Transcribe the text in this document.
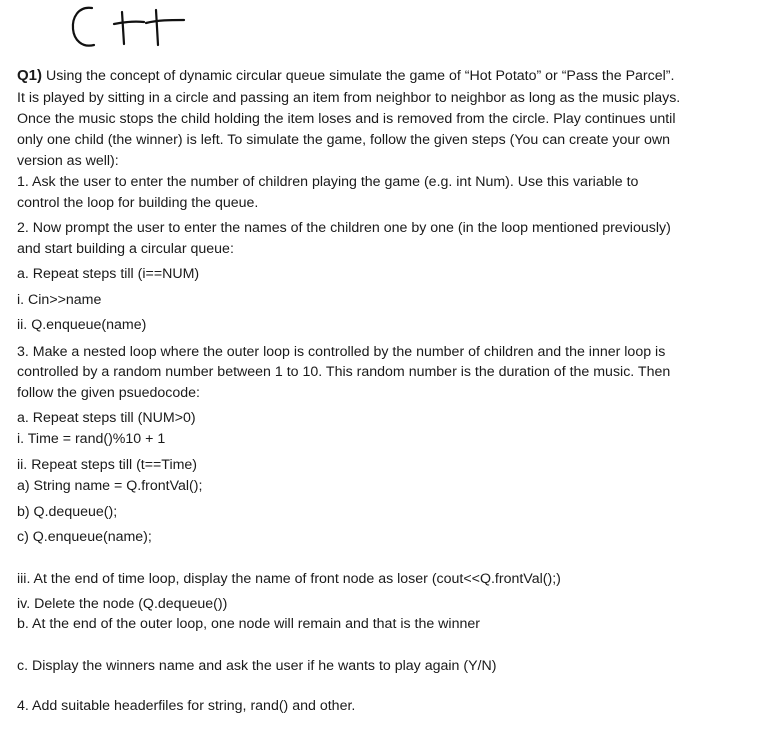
Q1) Using the concept of dynamic circular queue simulate the game of “Hot Potato” or “Pass the Parcel”.
It is played by sitting in a circle and passing an item from neighbor to neighbor as long as the music plays.
Once the music stops the child holding the item loses and is removed from the circle. Play continues until
only one child (the winner) is left. To simulate the game, follow the given steps (You can create your own
version as well):
1. Ask the user to enter the number of children playing the game (e.g. int Num). Use this variable to
control the loop for building the queue.
2. Now prompt the user to enter the names of the children one by one (in the loop mentioned previously)
and start building a circular queue:
a. Repeat steps till (i==NUM)
i. Cin>>name
ii. Q.enqueue(name)
3. Make a nested loop where the outer loop is controlled by the number of children and the inner loop is
controlled by a random number between 1 to 10. This random number is the duration of the music. Then
follow the given psuedocode:
a. Repeat steps till (NUM>0)
i. Time = rand()%10 + 1
ii. Repeat steps till (t==Time)
a) String name = Q.frontVal();
b) Q.dequeue();
c) Q.enqueue(name);
iii. At the end of time loop, display the name of front node as loser (cout<<Q.frontVal();)
iv. Delete the node (Q.dequeue())
b. At the end of the outer loop, one node will remain and that is the winner
c. Display the winners name and ask the user if he wants to play again (Y/N)
4. Add suitable headerfiles for string, rand() and other.
